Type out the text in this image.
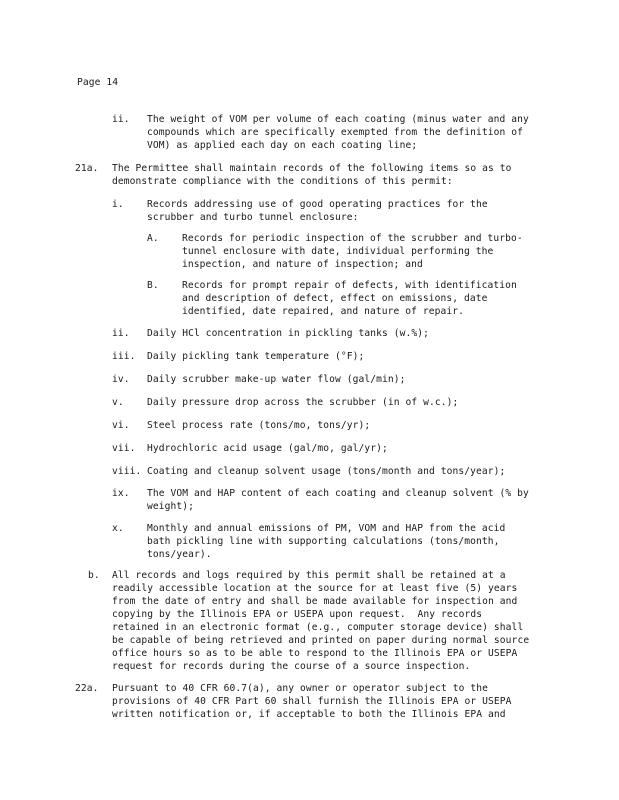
Page 14
ii. The weight of VOM per volume of each coating (minus water and any
compounds which are specifically exempted from the definition of
VOM) as applied each day on each coating line;
21a. The Permittee shall maintain records of the following items so as to
demonstrate compliance with the conditions of this permit:
i. Records addressing use of good operating practices for the
scrubber and turbo tunnel enclosure:
A. Records for periodic inspection of the scrubber and turbo-
tunnel enclosure with date, individual performing the
inspection, and nature of inspection; and
B. Records for prompt repair of defects, with identification
and description of defect, effect on emissions, date
identified, date repaired, and nature of repair.
ii. Daily HCl concentration in pickling tanks (w.%);
iii. Daily pickling tank temperature (°F);
iv. Daily scrubber make-up water flow (gal/min);
v. Daily pressure drop across the scrubber (in of w.c.);
vi. Steel process rate (tons/mo, tons/yr);
vii. Hydrochloric acid usage (gal/mo, gal/yr);
viii. Coating and cleanup solvent usage (tons/month and tons/year);
ix. The VOM and HAP content of each coating and cleanup solvent (% by
weight);
x. Monthly and annual emissions of PM, VOM and HAP from the acid
bath pickling line with supporting calculations (tons/month,
tons/year).
b. All records and logs required by this permit shall be retained at a
readily accessible location at the source for at least five (5) years
from the date of entry and shall be made available for inspection and
copying by the Illinois EPA or USEPA upon request.  Any records
retained in an electronic format (e.g., computer storage device) shall
be capable of being retrieved and printed on paper during normal source
office hours so as to be able to respond to the Illinois EPA or USEPA
request for records during the course of a source inspection.
22a. Pursuant to 40 CFR 60.7(a), any owner or operator subject to the
provisions of 40 CFR Part 60 shall furnish the Illinois EPA or USEPA
written notification or, if acceptable to both the Illinois EPA and
